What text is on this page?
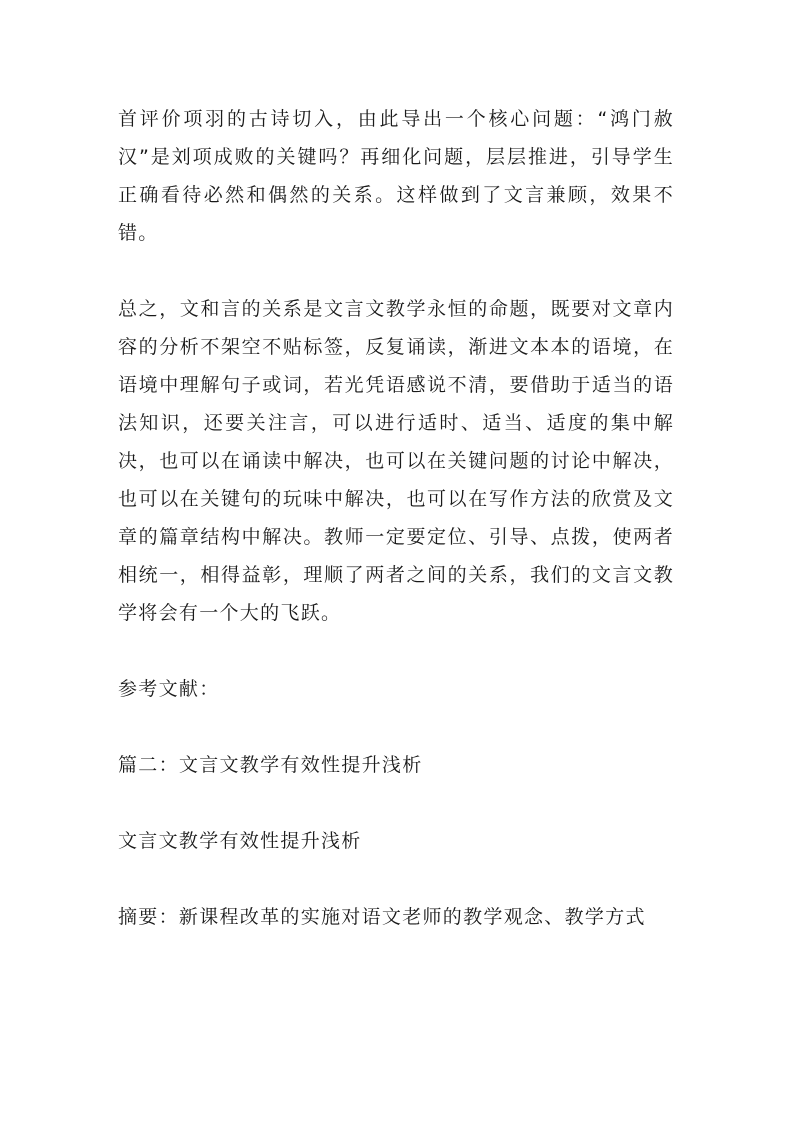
首评价项羽的古诗切入，由此导出一个核心问题：“鸿门赦汉”是刘项成败的关键吗？再细化问题，层层推进，引导学生正确看待必然和偶然的关系。这样做到了文言兼顾，效果不错。

总之，文和言的关系是文言文教学永恒的命题，既要对文章内容的分析不架空不贴标签，反复诵读，渐进文本本的语境，在语境中理解句子或词，若光凭语感说不清，要借助于适当的语法知识，还要关注言，可以进行适时、适当、适度的集中解决，也可以在诵读中解决，也可以在关键问题的讨论中解决，也可以在关键句的玩味中解决，也可以在写作方法的欣赏及文章的篇章结构中解决。教师一定要定位、引导、点拨，使两者相统一，相得益彰，理顺了两者之间的关系，我们的文言文教学将会有一个大的飞跃。

参考文献：

篇二：文言文教学有效性提升浅析

文言文教学有效性提升浅析

摘要：新课程改革的实施对语文老师的教学观念、教学方式
